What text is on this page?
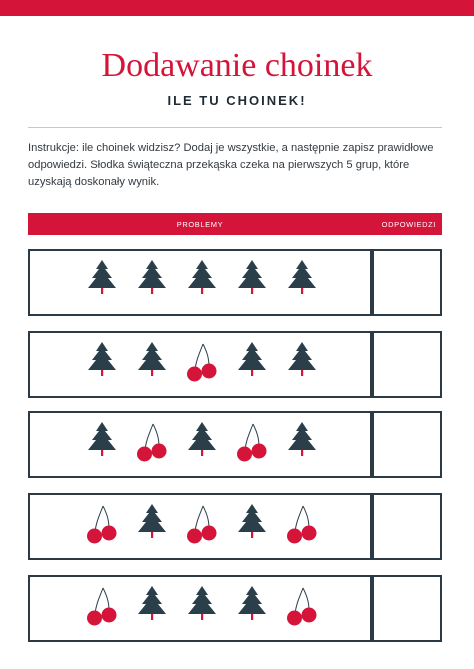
Dodawanie choinek
ILE TU CHOINEK!
Instrukcje: ile choinek widzisz? Dodaj je wszystkie, a następnie zapisz prawidłowe odpowiedzi. Słodka świąteczna przekąska czeka na pierwszych 5 grup, które uzyskają doskonały wynik.
PROBLEMY	ODPOWIEDZI
